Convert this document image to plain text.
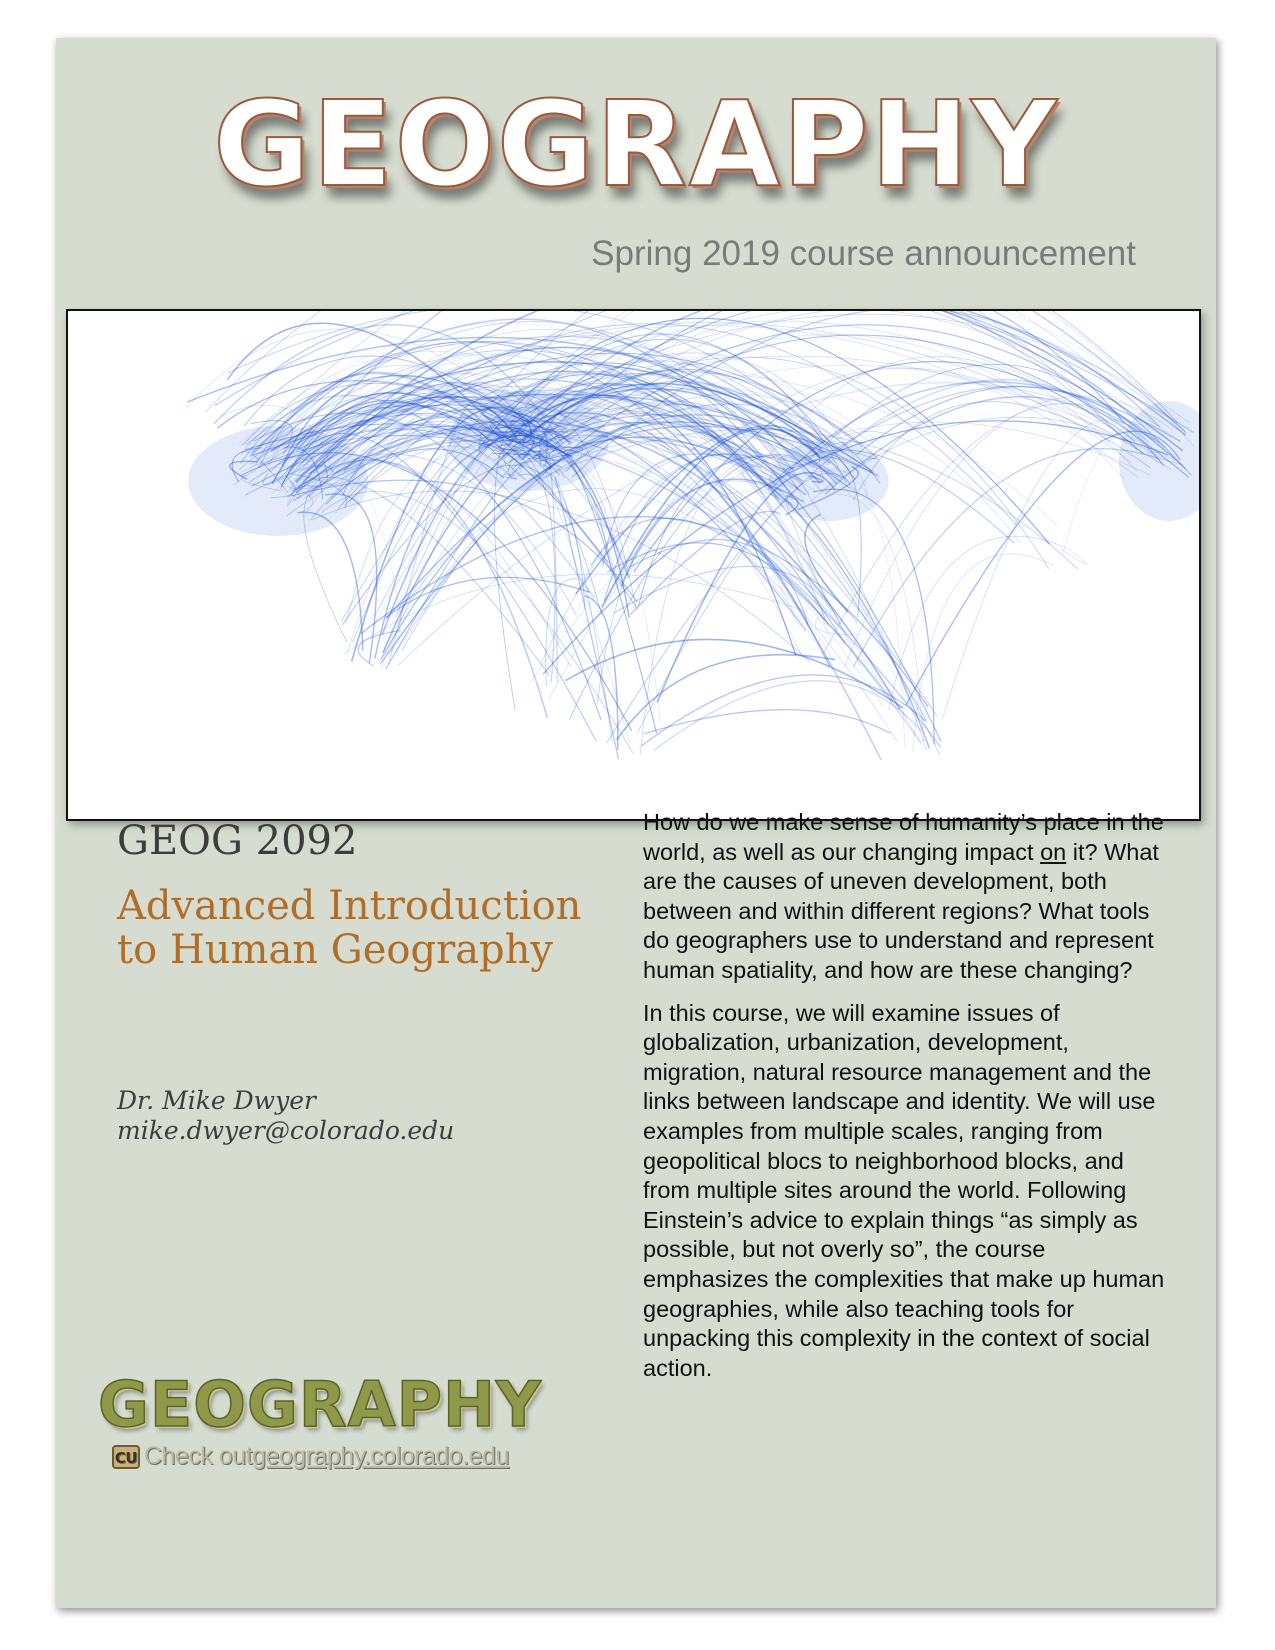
GEOGRAPHY

Spring 2019 course announcement

GEOG 2092
Advanced Introduction to Human Geography
Dr. Mike Dwyer
mike.dwyer@colorado.edu

How do we make sense of humanity’s place in the world, as well as our changing impact on it? What are the causes of uneven development, both between and within different regions? What tools do geographers use to understand and represent human spatiality, and how are these changing?

In this course, we will examine issues of globalization, urbanization, development, migration, natural resource management and the links between landscape and identity. We will use examples from multiple scales, ranging from geopolitical blocs to neighborhood blocks, and from multiple sites around the world. Following Einstein’s advice to explain things “as simply as possible, but not overly so”, the course emphasizes the complexities that make up human geographies, while also teaching tools for unpacking this complexity in the context of social action.

GEOGRAPHY
CU Check out geography.colorado.edu
